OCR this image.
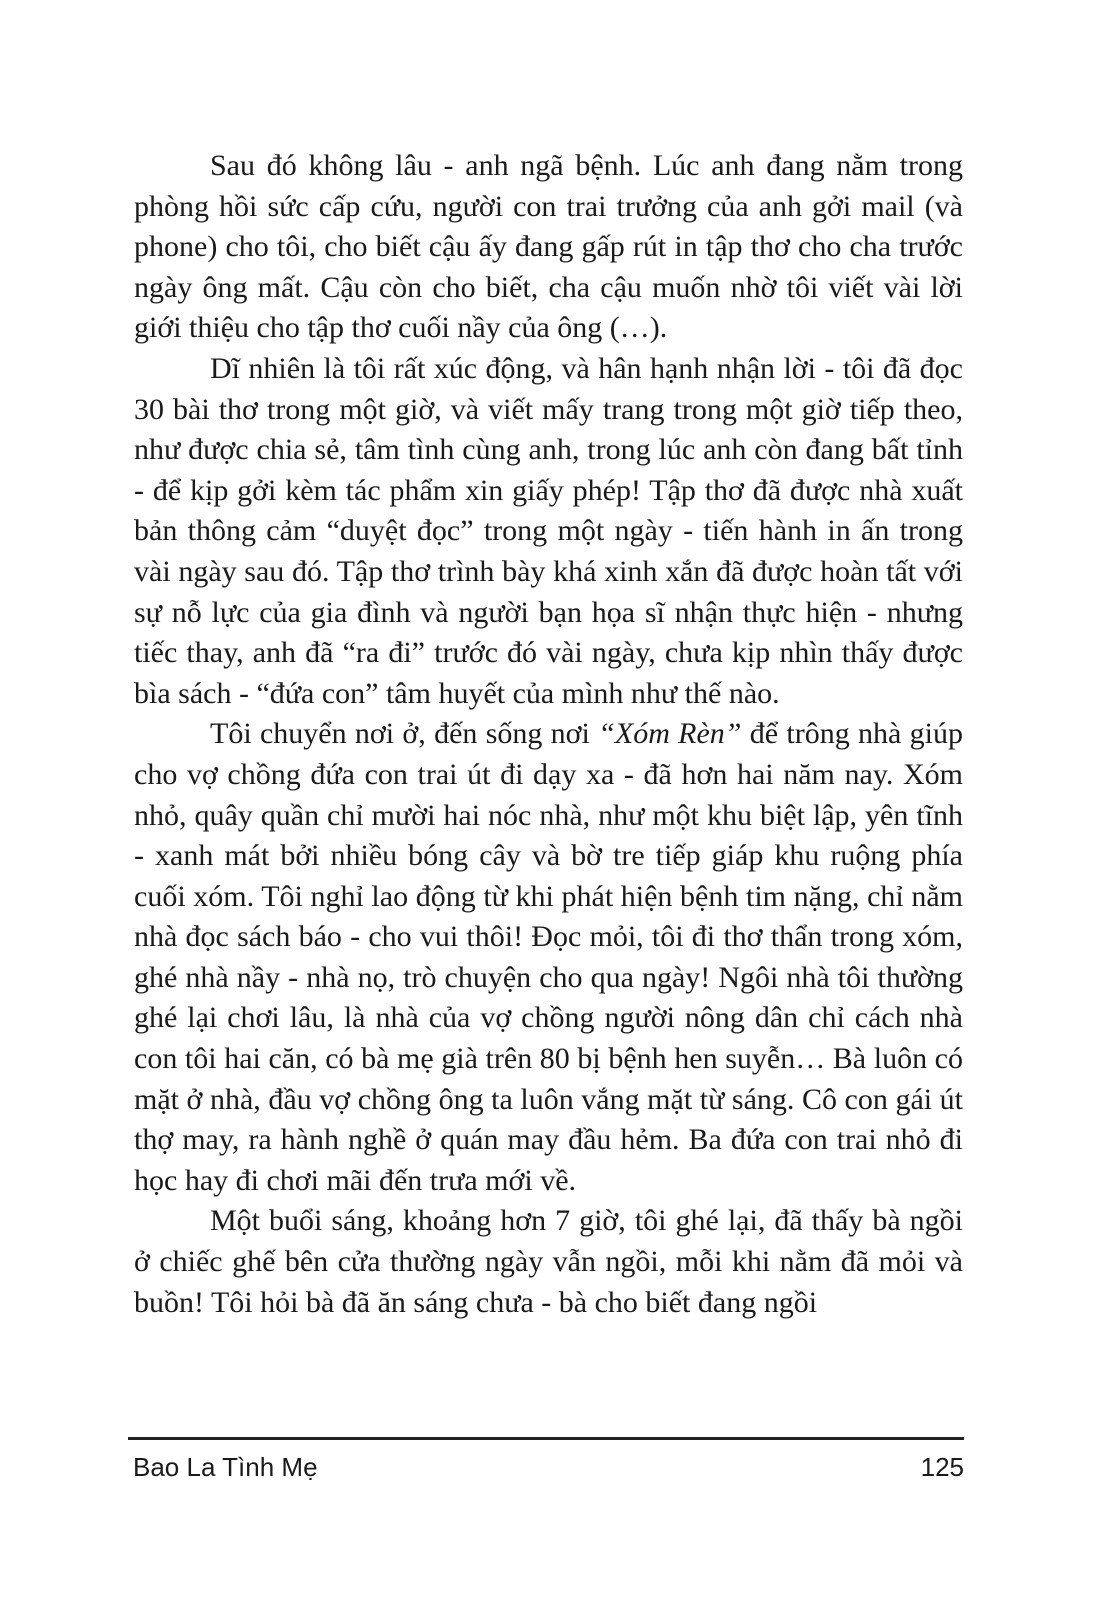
Sau đó không lâu - anh ngã bệnh. Lúc anh đang nằm trong phòng hồi sức cấp cứu, người con trai trưởng của anh gởi mail (và phone) cho tôi, cho biết cậu ấy đang gấp rút in tập thơ cho cha trước ngày ông mất. Cậu còn cho biết, cha cậu muốn nhờ tôi viết vài lời giới thiệu cho tập thơ cuối nầy của ông (…).

Dĩ nhiên là tôi rất xúc động, và hân hạnh nhận lời - tôi đã đọc 30 bài thơ trong một giờ, và viết mấy trang trong một giờ tiếp theo, như được chia sẻ, tâm tình cùng anh, trong lúc anh còn đang bất tỉnh - để kịp gởi kèm tác phẩm xin giấy phép! Tập thơ đã được nhà xuất bản thông cảm “duyệt đọc” trong một ngày - tiến hành in ấn trong vài ngày sau đó. Tập thơ trình bày khá xinh xắn đã được hoàn tất với sự nỗ lực của gia đình và người bạn họa sĩ nhận thực hiện - nhưng tiếc thay, anh đã “ra đi” trước đó vài ngày, chưa kịp nhìn thấy được bìa sách - “đứa con” tâm huyết của mình như thế nào.

Tôi chuyển nơi ở, đến sống nơi “Xóm Rèn” để trông nhà giúp cho vợ chồng đứa con trai út đi dạy xa - đã hơn hai năm nay. Xóm nhỏ, quây quần chỉ mười hai nóc nhà, như một khu biệt lập, yên tĩnh - xanh mát bởi nhiều bóng cây và bờ tre tiếp giáp khu ruộng phía cuối xóm. Tôi nghỉ lao động từ khi phát hiện bệnh tim nặng, chỉ nằm nhà đọc sách báo - cho vui thôi! Đọc mỏi, tôi đi thơ thẩn trong xóm, ghé nhà nầy - nhà nọ, trò chuyện cho qua ngày! Ngôi nhà tôi thường ghé lại chơi lâu, là nhà của vợ chồng người nông dân chỉ cách nhà con tôi hai căn, có bà mẹ già trên 80 bị bệnh hen suyễn… Bà luôn có mặt ở nhà, đầu vợ chồng ông ta luôn vắng mặt từ sáng. Cô con gái út thợ may, ra hành nghề ở quán may đầu hẻm. Ba đứa con trai nhỏ đi học hay đi chơi mãi đến trưa mới về.

Một buổi sáng, khoảng hơn 7 giờ, tôi ghé lại, đã thấy bà ngồi ở chiếc ghế bên cửa thường ngày vẫn ngồi, mỗi khi nằm đã mỏi và buồn! Tôi hỏi bà đã ăn sáng chưa - bà cho biết đang ngồi

Bao La Tình Mẹ	125
